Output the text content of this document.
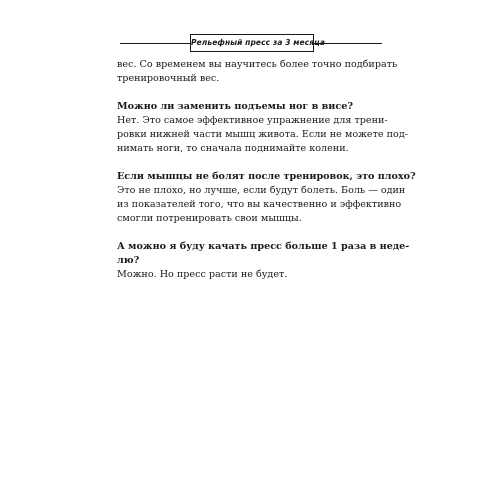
Рельефный пресс за 3 месяца

вес. Со временем вы научитесь более точно подбирать
тренировочный вес.

Можно ли заменить подъемы ног в висе?

Нет. Это самое эффективное упражнение для трени-
ровки нижней части мышц живота. Если не можете под-
нимать ноги, то сначала поднимайте колени.

Если мышцы не болят после тренировок, это плохо?

Это не плохо, но лучше, если будут болеть. Боль — один
из показателей того, что вы качественно и эффективно
смогли потренировать свои мышцы.

А можно я буду качать пресс больше 1 раза в неде-
лю?

Можно. Но пресс расти не будет.
